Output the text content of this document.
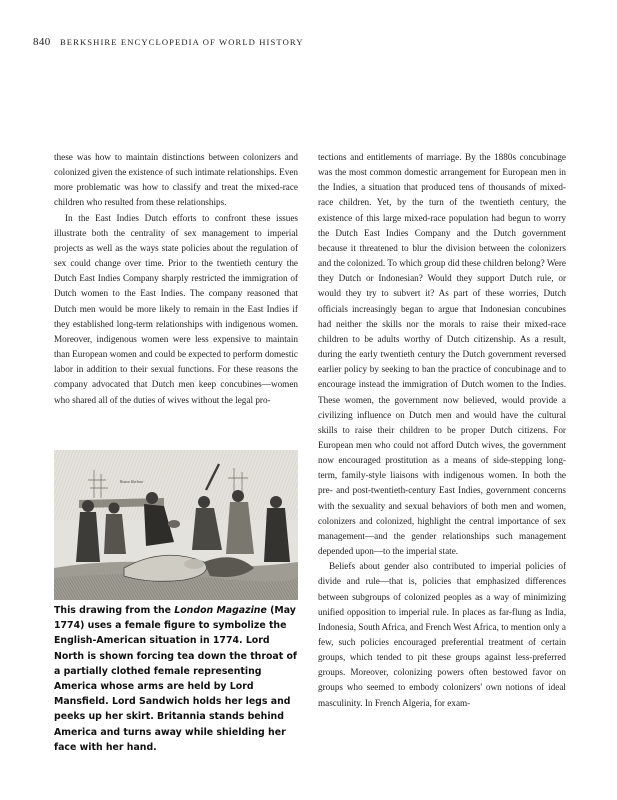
840 BERKSHIRE ENCYCLOPEDIA OF WORLD HISTORY

these was how to maintain distinctions between colonizers and colonized given the existence of such intimate relationships. Even more problematic was how to classify and treat the mixed-race children who resulted from these relationships.

In the East Indies Dutch efforts to confront these issues illustrate both the centrality of sex management to imperial projects as well as the ways state policies about the regulation of sex could change over time. Prior to the twentieth century the Dutch East Indies Company sharply restricted the immigration of Dutch women to the East Indies. The company reasoned that Dutch men would be more likely to remain in the East Indies if they established long-term relationships with indigenous women. Moreover, indigenous women were less expensive to maintain than European women and could be expected to perform domestic labor in addition to their sexual functions. For these reasons the company advocated that Dutch men keep concubines—women who shared all of the duties of wives without the legal pro-

tections and entitlements of marriage. By the 1880s concubinage was the most common domestic arrangement for European men in the Indies, a situation that produced tens of thousands of mixed-race children. Yet, by the turn of the twentieth century, the existence of this large mixed-race population had begun to worry the Dutch East Indies Company and the Dutch government because it threatened to blur the division between the colonizers and the colonized. To which group did these children belong? Were they Dutch or Indonesian? Would they support Dutch rule, or would they try to subvert it? As part of these worries, Dutch officials increasingly began to argue that Indonesian concubines had neither the skills nor the morals to raise their mixed-race children to be adults worthy of Dutch citizenship. As a result, during the early twentieth century the Dutch government reversed earlier policy by seeking to ban the practice of concubinage and to encourage instead the immigration of Dutch women to the Indies. These women, the government now believed, would provide a civilizing influence on Dutch men and would have the cultural skills to raise their children to be proper Dutch citizens. For European men who could not afford Dutch wives, the government now encouraged prostitution as a means of side-stepping long-term, family-style liaisons with indigenous women. In both the pre- and post-twentieth-century East Indies, government concerns with the sexuality and sexual behaviors of both men and women, colonizers and colonized, highlight the central importance of sex management—and the gender relationships such management depended upon—to the imperial state.

Beliefs about gender also contributed to imperial policies of divide and rule—that is, policies that emphasized differences between subgroups of colonized peoples as a way of minimizing unified opposition to imperial rule. In places as far-flung as India, Indonesia, South Africa, and French West Africa, to mention only a few, such policies encouraged preferential treatment of certain groups, which tended to pit these groups against less-preferred groups. Moreover, colonizing powers often bestowed favor on groups who seemed to embody colonizers' own notions of ideal masculinity. In French Algeria, for exam-

Boston Harbour
This drawing from the London Magazine (May 1774) uses a female figure to symbolize the English-American situation in 1774. Lord North is shown forcing tea down the throat of a partially clothed female representing America whose arms are held by Lord Mansfield. Lord Sandwich holds her legs and peeks up her skirt. Britannia stands behind America and turns away while shielding her face with her hand.
